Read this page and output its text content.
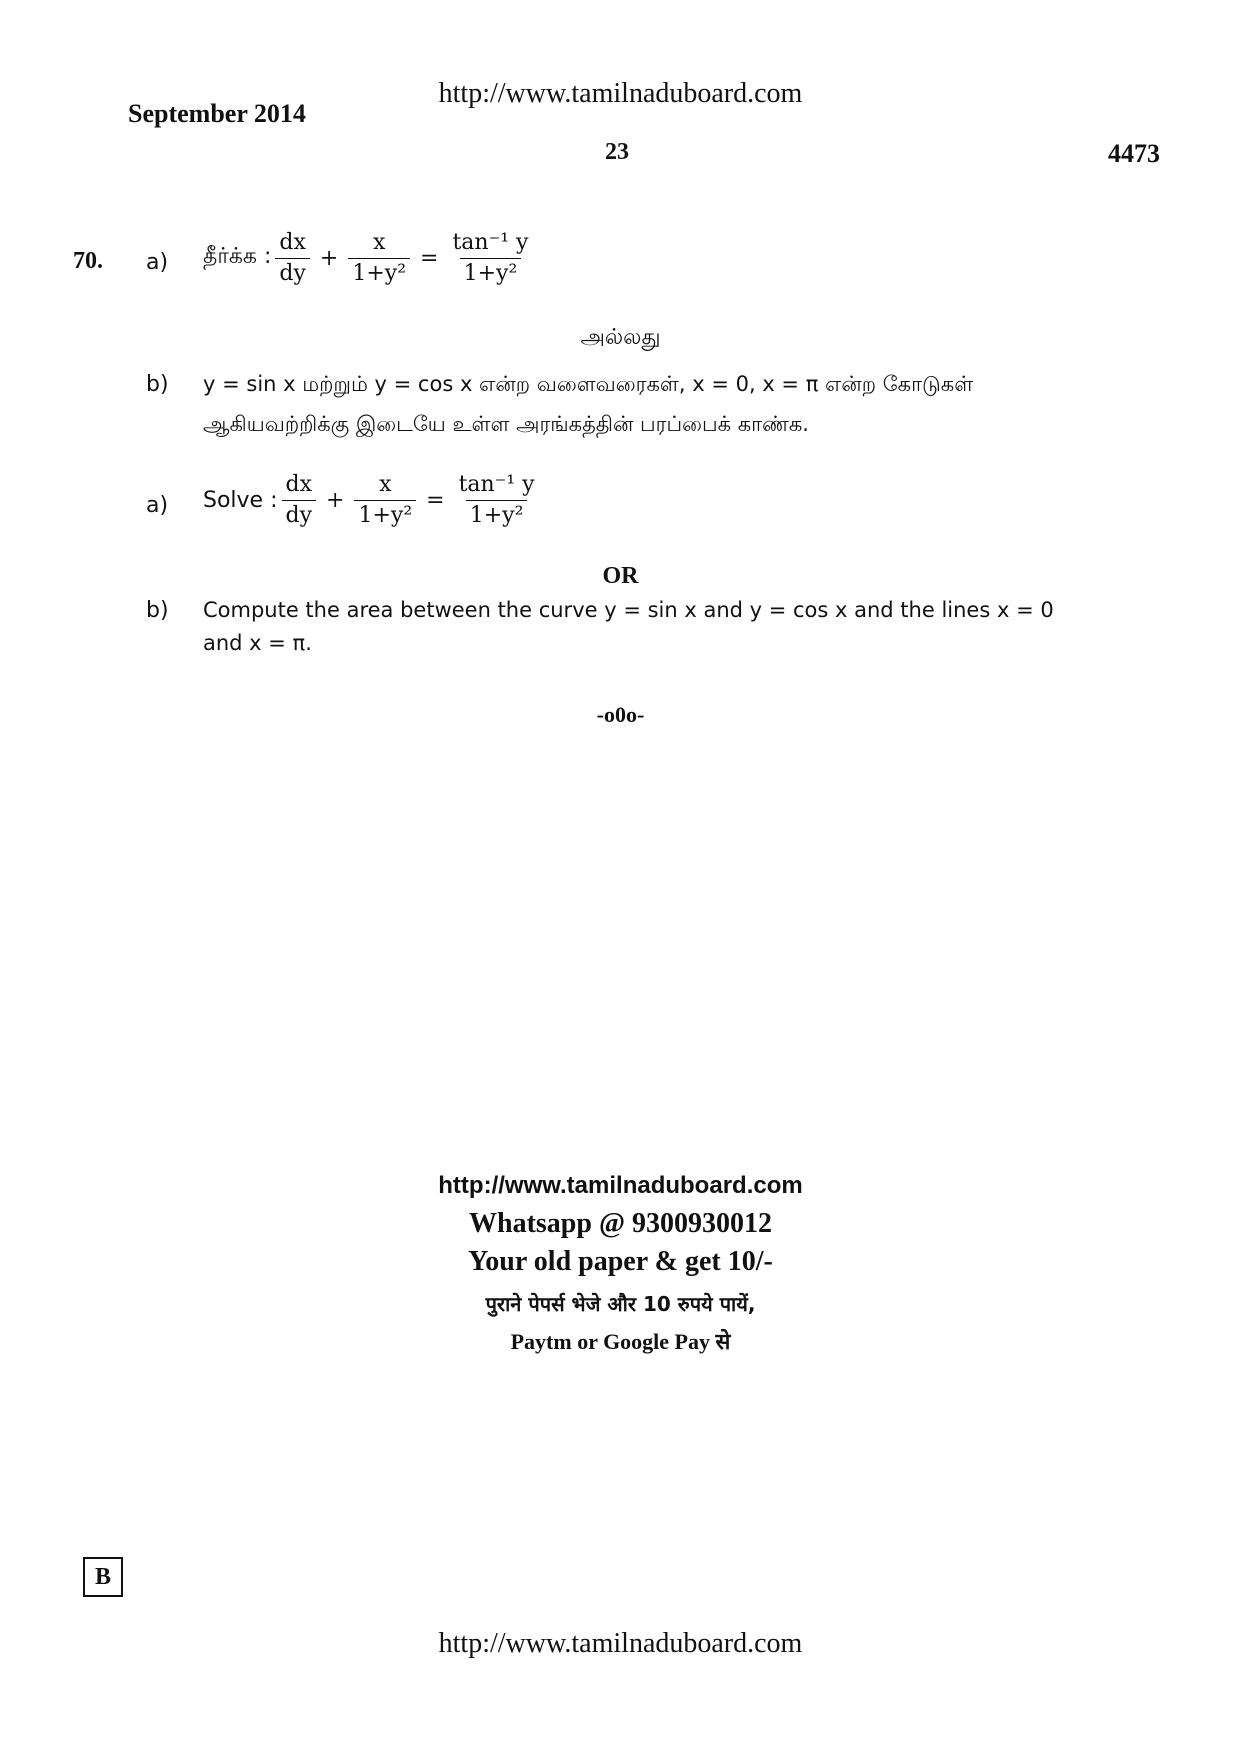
http://www.tamilnaduboard.com
September 2014
23	4473
70. a) தீர்க்க : $\frac{dx}{dy} + \frac{x}{\text{1+y²}} = \frac{\text{tan⁻¹ y}}{\text{1+y²}}$
அல்லது
b) y = sin x மற்றும் y = cos x என்ற வளைவரைகள், x = 0, x = π என்ற கோடுகள்
ஆகியவற்றிக்கு இடையே உள்ள அரங்கத்தின் பரப்பைக் காண்க.
a) Solve : $\frac{dx}{dy} + \frac{x}{\text{1+y²}} = \frac{\text{tan⁻¹ y}}{\text{1+y²}}$
OR
b) Compute the area between the curve y = sin x and y = cos x and the lines x = 0
and x = π.
-o0o-
http://www.tamilnaduboard.com
Whatsapp @ 9300930012
Your old paper & get 10/-
पुराने पेपर्स भेजे और 10 रुपये पायें,
Paytm or Google Pay से
B
http://www.tamilnaduboard.com
